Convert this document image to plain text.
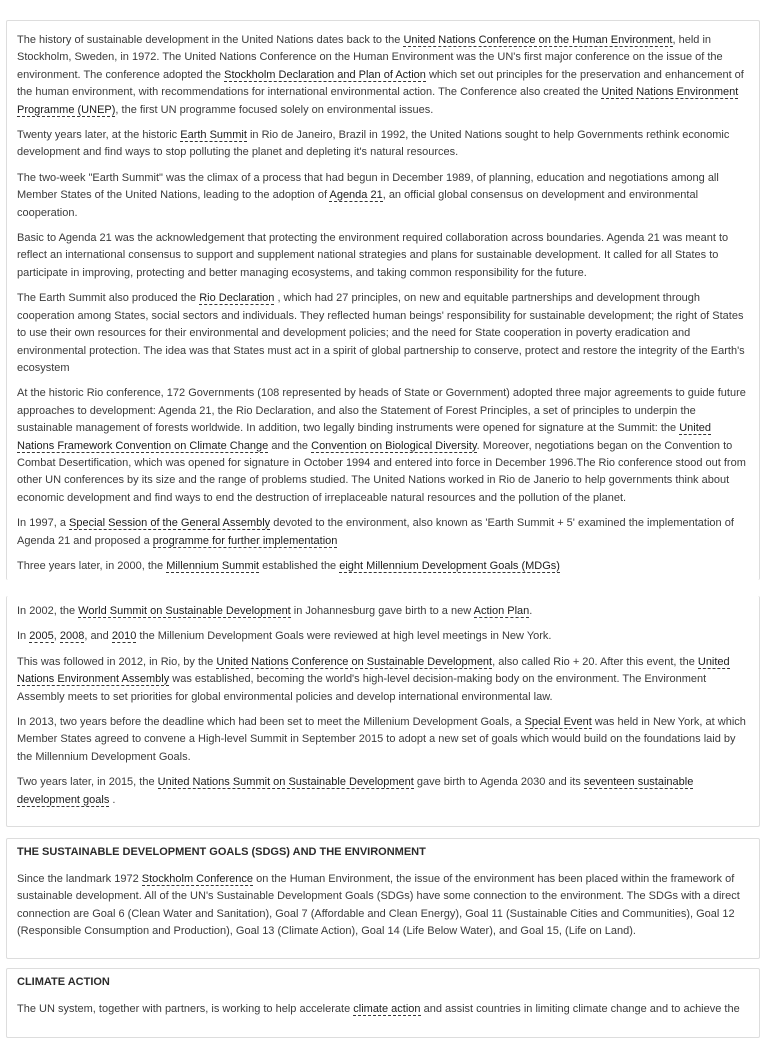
The history of sustainable development in the United Nations dates back to the United Nations Conference on the Human Environment, held in Stockholm, Sweden, in 1972. The United Nations Conference on the Human Environment was the UN's first major conference on the issue of the environment. The conference adopted the Stockholm Declaration and Plan of Action which set out principles for the preservation and enhancement of the human environment, with recommendations for international environmental action. The Conference also created the United Nations Environment Programme (UNEP), the first UN programme focused solely on environmental issues.

Twenty years later, at the historic Earth Summit in Rio de Janeiro, Brazil in 1992, the United Nations sought to help Governments rethink economic development and find ways to stop polluting the planet and depleting it's natural resources.

The two-week "Earth Summit" was the climax of a process that had begun in December 1989, of planning, education and negotiations among all Member States of the United Nations, leading to the adoption of Agenda 21, an official global consensus on development and environmental cooperation.

Basic to Agenda 21 was the acknowledgement that protecting the environment required collaboration across boundaries. Agenda 21 was meant to reflect an international consensus to support and supplement national strategies and plans for sustainable development. It called for all States to participate in improving, protecting and better managing ecosystems, and taking common responsibility for the future.

The Earth Summit also produced the Rio Declaration , which had 27 principles, on new and equitable partnerships and development through cooperation among States, social sectors and individuals. They reflected human beings' responsibility for sustainable development; the right of States to use their own resources for their environmental and development policies; and the need for State cooperation in poverty eradication and environmental protection. The idea was that States must act in a spirit of global partnership to conserve, protect and restore the integrity of the Earth's ecosystem

At the historic Rio conference, 172 Governments (108 represented by heads of State or Government) adopted three major agreements to guide future approaches to development: Agenda 21, the Rio Declaration, and also the Statement of Forest Principles, a set of principles to underpin the sustainable management of forests worldwide. In addition, two legally binding instruments were opened for signature at the Summit: the United Nations Framework Convention on Climate Change and the Convention on Biological Diversity. Moreover, negotiations began on the Convention to Combat Desertification, which was opened for signature in October 1994 and entered into force in December 1996.The Rio conference stood out from other UN conferences by its size and the range of problems studied. The United Nations worked in Rio de Janerio to help governments think about economic development and find ways to end the destruction of irreplaceable natural resources and the pollution of the planet.

In 1997, a Special Session of the General Assembly devoted to the environment, also known as 'Earth Summit + 5' examined the implementation of Agenda 21 and proposed a programme for further implementation

Three years later, in 2000, the Millennium Summit established the eight Millennium Development Goals (MDGs)

In 2002, the World Summit on Sustainable Development in Johannesburg gave birth to a new Action Plan.

In 2005, 2008, and 2010 the Millenium Development Goals were reviewed at high level meetings in New York.

This was followed in 2012, in Rio, by the United Nations Conference on Sustainable Development, also called Rio + 20. After this event, the United Nations Environment Assembly was established, becoming the world's high-level decision-making body on the environment. The Environment Assembly meets to set priorities for global environmental policies and develop international environmental law.

In 2013, two years before the deadline which had been set to meet the Millenium Development Goals, a Special Event was held in New York, at which Member States agreed to convene a High-level Summit in September 2015 to adopt a new set of goals which would build on the foundations laid by the Millennium Development Goals.

Two years later, in 2015, the United Nations Summit on Sustainable Development gave birth to Agenda 2030 and its seventeen sustainable development goals .

THE SUSTAINABLE DEVELOPMENT GOALS (SDGS) AND THE ENVIRONMENT

Since the landmark 1972 Stockholm Conference on the Human Environment, the issue of the environment has been placed within the framework of sustainable development. All of the UN's Sustainable Development Goals (SDGs) have some connection to the environment. The SDGs with a direct connection are Goal 6 (Clean Water and Sanitation), Goal 7 (Affordable and Clean Energy), Goal 11 (Sustainable Cities and Communities), Goal 12 (Responsible Consumption and Production), Goal 13 (Climate Action), Goal 14 (Life Below Water), and Goal 15, (Life on Land).

CLIMATE ACTION

The UN system, together with partners, is working to help accelerate climate action and assist countries in limiting climate change and to achieve the
